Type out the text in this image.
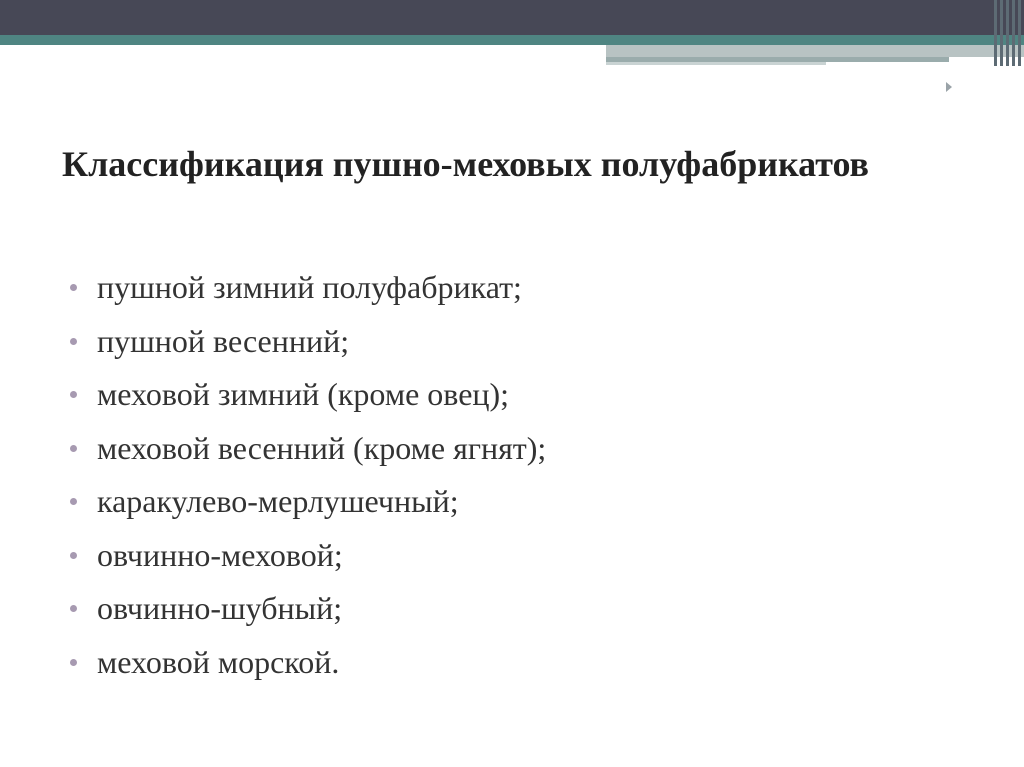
Классификация пушно-меховых полуфабрикатов
пушной зимний полуфабрикат;
пушной весенний;
меховой зимний (кроме овец);
меховой весенний (кроме ягнят);
каракулево-мерлушечный;
овчинно-меховой;
овчинно-шубный;
меховой морской.
